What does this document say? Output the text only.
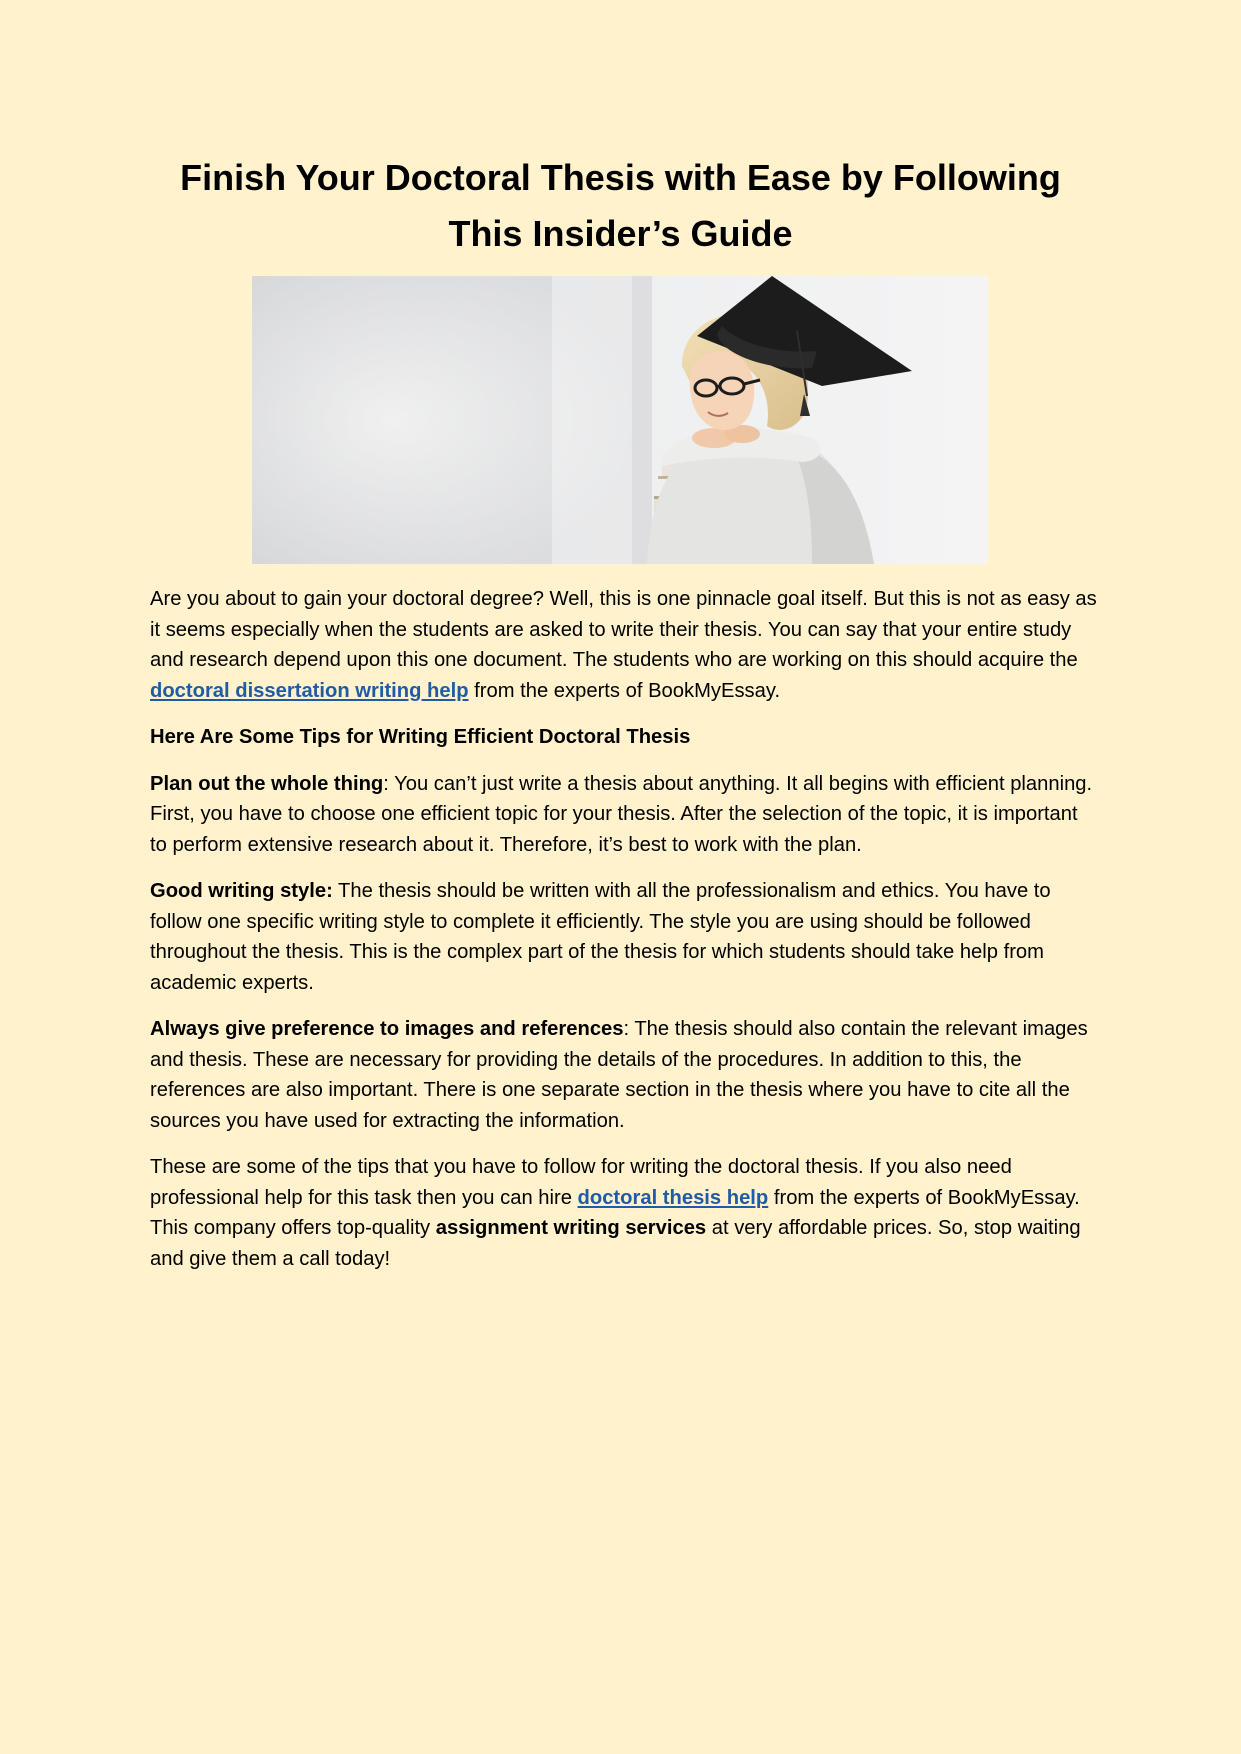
Finish Your Doctoral Thesis with Ease by Following This Insider’s Guide

Are you about to gain your doctoral degree? Well, this is one pinnacle goal itself. But this is not as easy as it seems especially when the students are asked to write their thesis. You can say that your entire study and research depend upon this one document. The students who are working on this should acquire the doctoral dissertation writing help from the experts of BookMyEssay.

Here Are Some Tips for Writing Efficient Doctoral Thesis

Plan out the whole thing: You can’t just write a thesis about anything. It all begins with efficient planning. First, you have to choose one efficient topic for your thesis. After the selection of the topic, it is important to perform extensive research about it. Therefore, it’s best to work with the plan.

Good writing style: The thesis should be written with all the professionalism and ethics. You have to follow one specific writing style to complete it efficiently. The style you are using should be followed throughout the thesis. This is the complex part of the thesis for which students should take help from academic experts.

Always give preference to images and references: The thesis should also contain the relevant images and thesis. These are necessary for providing the details of the procedures. In addition to this, the references are also important. There is one separate section in the thesis where you have to cite all the sources you have used for extracting the information.

These are some of the tips that you have to follow for writing the doctoral thesis. If you also need professional help for this task then you can hire doctoral thesis help from the experts of BookMyEssay. This company offers top-quality assignment writing services at very affordable prices. So, stop waiting and give them a call today!
